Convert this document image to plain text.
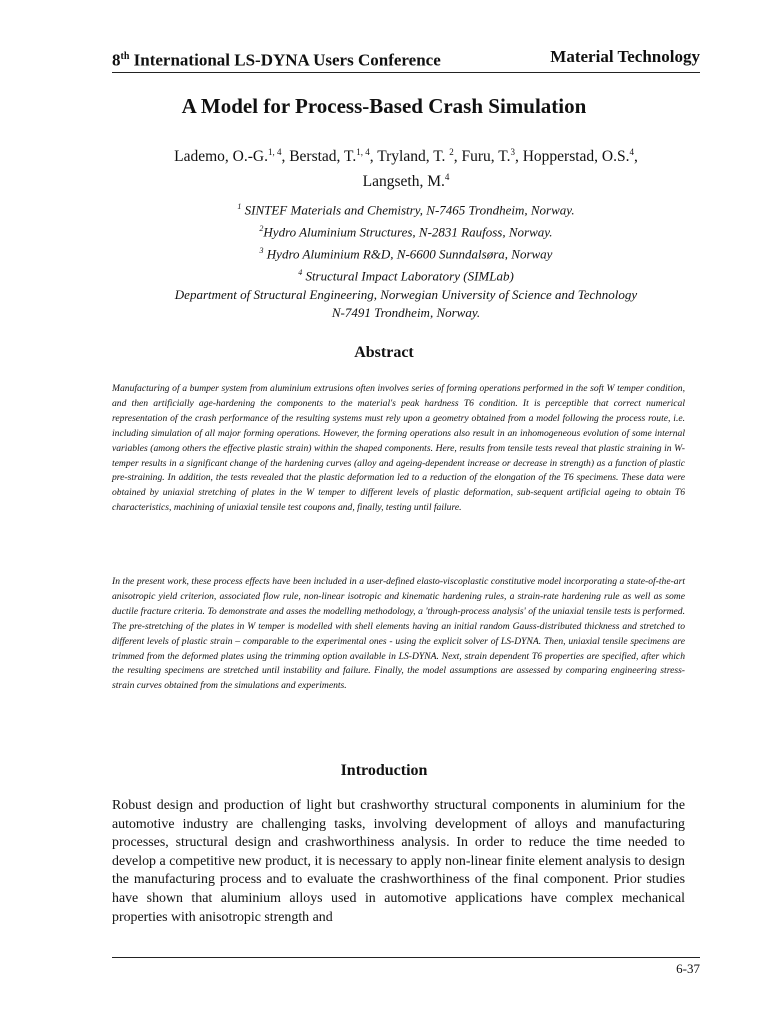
8th International LS-DYNA Users Conference	Material Technology
A Model for Process-Based Crash Simulation
Lademo, O.-G.$^{1, 4}$, Berstad, T.$^{1, 4}$, Tryland, T. $^2$, Furu, T.$^3$, Hopperstad, O.S.$^4$,
Langseth, M.$^4$
$^1$ SINTEF Materials and Chemistry, N-7465 Trondheim, Norway.
$^2$Hydro Aluminium Structures, N-2831 Raufoss, Norway.
$^3$ Hydro Aluminium R&D, N-6600 Sunndalsøra, Norway
$^4$ Structural Impact Laboratory (SIMLab)
Department of Structural Engineering, Norwegian University of Science and Technology
N-7491 Trondheim, Norway.
Abstract

Manufacturing of a bumper system from aluminium extrusions often involves series of forming operations performed in the soft W temper condition, and then artificially age-hardening the components to the material's peak hardness T6 condition. It is perceptible that correct numerical representation of the crash performance of the resulting systems must rely upon a geometry obtained from a model following the process route, i.e. including simulation of all major forming operations. However, the forming operations also result in an inhomogeneous evolution of some internal variables (among others the effective plastic strain) within the shaped components. Here, results from tensile tests reveal that plastic straining in W-temper results in a significant change of the hardening curves (alloy and ageing-dependent increase or decrease in strength) as a function of plastic pre-straining. In addition, the tests revealed that the plastic deformation led to a reduction of the elongation of the T6 specimens. These data were obtained by uniaxial stretching of plates in the W temper to different levels of plastic deformation, sub-sequent artificial ageing to obtain T6 characteristics, machining of uniaxial tensile test coupons and, finally, testing until failure.

In the present work, these process effects have been included in a user-defined elasto-viscoplastic constitutive model incorporating a state-of-the-art anisotropic yield criterion, associated flow rule, non-linear isotropic and kinematic hardening rules, a strain-rate hardening rule as well as some ductile fracture criteria. To demonstrate and asses the modelling methodology, a 'through-process analysis' of the uniaxial tensile tests is performed. The pre-stretching of the plates in W temper is modelled with shell elements having an initial random Gauss-distributed thickness and stretched to different levels of plastic strain – comparable to the experimental ones - using the explicit solver of LS-DYNA. Then, uniaxial tensile specimens are trimmed from the deformed plates using the trimming option available in LS-DYNA. Next, strain dependent T6 properties are specified, after which the resulting specimens are stretched until instability and failure. Finally, the model assumptions are assessed by comparing engineering stress-strain curves obtained from the simulations and experiments.

Introduction

Robust design and production of light but crashworthy structural components in aluminium for the automotive industry are challenging tasks, involving development of alloys and manufacturing processes, structural design and crashworthiness analysis. In order to reduce the time needed to develop a competitive new product, it is necessary to apply non-linear finite element analysis to design the manufacturing process and to evaluate the crashworthiness of the final component. Prior studies have shown that aluminium alloys used in automotive applications have complex mechanical properties with anisotropic strength and

6-37
